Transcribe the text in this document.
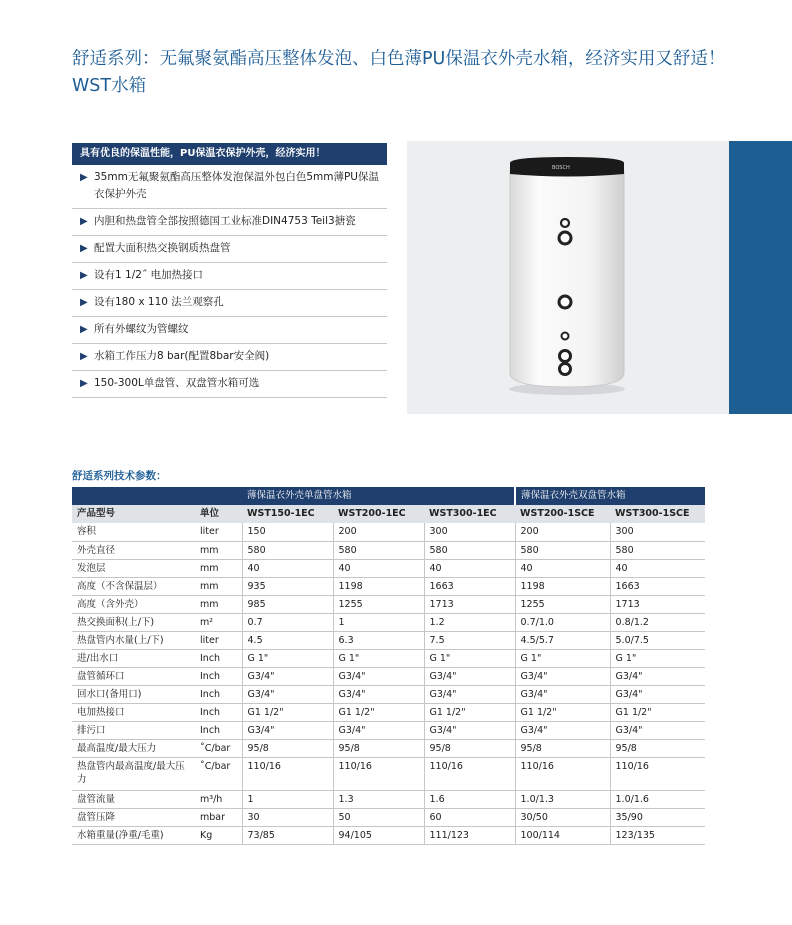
舒适系列：无氟聚氨酯高压整体发泡、白色薄PU保温衣外壳水箱，经济实用又舒适！
WST水箱
具有优良的保温性能，PU保温衣保护外壳，经济实用！
▶ 35mm无氟聚氨酯高压整体发泡保温外包白色5mm薄PU保温衣保护外壳
▶ 内胆和热盘管全部按照德国工业标准DIN4753 Teil3搪瓷
▶ 配置大面积热交换钢质热盘管
▶ 设有1 1/2˝ 电加热接口
▶ 设有180 x 110 法兰观察孔
▶ 所有外螺纹为管螺纹
▶ 水箱工作压力8 bar(配置8bar安全阀)
▶ 150-300L单盘管、双盘管水箱可选
BOSCH
舒适系列技术参数：
		薄保温衣外壳单盘管水箱			薄保温衣外壳双盘管水箱	
产品型号	单位	WST150-1EC	WST200-1EC	WST300-1EC	WST200-1SCE	WST300-1SCE
容积	liter	150	200	300	200	300
外壳直径	mm	580	580	580	580	580
发泡层	mm	40	40	40	40	40
高度（不含保温层）	mm	935	1198	1663	1198	1663
高度（含外壳）	mm	985	1255	1713	1255	1713
热交换面积(上/下)	m²	0.7	1	1.2	0.7/1.0	0.8/1.2
热盘管内水量(上/下)	liter	4.5	6.3	7.5	4.5/5.7	5.0/7.5
进/出水口	Inch	G 1"	G 1"	G 1"	G 1"	G 1"
盘管循环口	Inch	G3/4"	G3/4"	G3/4"	G3/4"	G3/4"
回水口(备用口)	Inch	G3/4"	G3/4"	G3/4"	G3/4"	G3/4"
电加热接口	Inch	G1 1/2"	G1 1/2"	G1 1/2"	G1 1/2"	G1 1/2"
排污口	Inch	G3/4"	G3/4"	G3/4"	G3/4"	G3/4"
最高温度/最大压力	˚C/bar	95/8	95/8	95/8	95/8	95/8
热盘管内最高温度/最大压力	˚C/bar	110/16	110/16	110/16	110/16	110/16
盘管流量	m³/h	1	1.3	1.6	1.0/1.3	1.0/1.6
盘管压降	mbar	30	50	60	30/50	35/90
水箱重量(净重/毛重)	Kg	73/85	94/105	111/123	100/114	123/135
